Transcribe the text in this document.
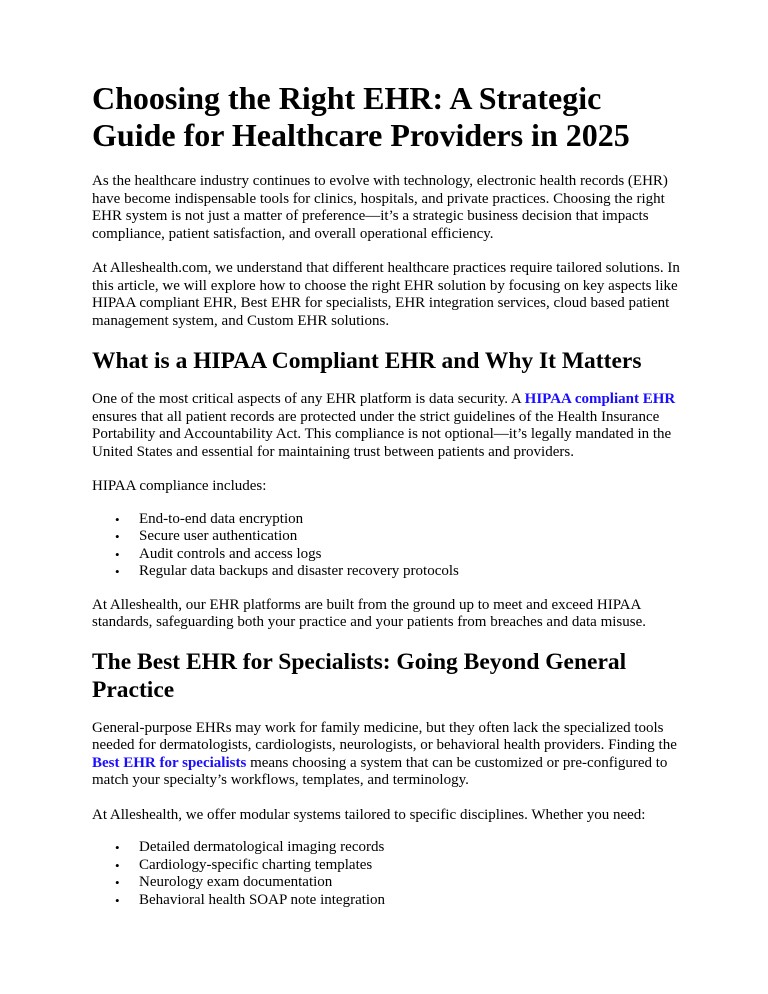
Choosing the Right EHR: A Strategic Guide for Healthcare Providers in 2025

As the healthcare industry continues to evolve with technology, electronic health records (EHR) have become indispensable tools for clinics, hospitals, and private practices. Choosing the right EHR system is not just a matter of preference—it’s a strategic business decision that impacts compliance, patient satisfaction, and overall operational efficiency.

At Alleshealth.com, we understand that different healthcare practices require tailored solutions. In this article, we will explore how to choose the right EHR solution by focusing on key aspects like HIPAA compliant EHR, Best EHR for specialists, EHR integration services, cloud based patient management system, and Custom EHR solutions.

What is a HIPAA Compliant EHR and Why It Matters

One of the most critical aspects of any EHR platform is data security. A HIPAA compliant EHR ensures that all patient records are protected under the strict guidelines of the Health Insurance Portability and Accountability Act. This compliance is not optional—it’s legally mandated in the United States and essential for maintaining trust between patients and providers.

HIPAA compliance includes:

• End-to-end data encryption
• Secure user authentication
• Audit controls and access logs
• Regular data backups and disaster recovery protocols

At Alleshealth, our EHR platforms are built from the ground up to meet and exceed HIPAA standards, safeguarding both your practice and your patients from breaches and data misuse.

The Best EHR for Specialists: Going Beyond General Practice

General-purpose EHRs may work for family medicine, but they often lack the specialized tools needed for dermatologists, cardiologists, neurologists, or behavioral health providers. Finding the Best EHR for specialists means choosing a system that can be customized or pre-configured to match your specialty’s workflows, templates, and terminology.

At Alleshealth, we offer modular systems tailored to specific disciplines. Whether you need:

• Detailed dermatological imaging records
• Cardiology-specific charting templates
• Neurology exam documentation
• Behavioral health SOAP note integration
